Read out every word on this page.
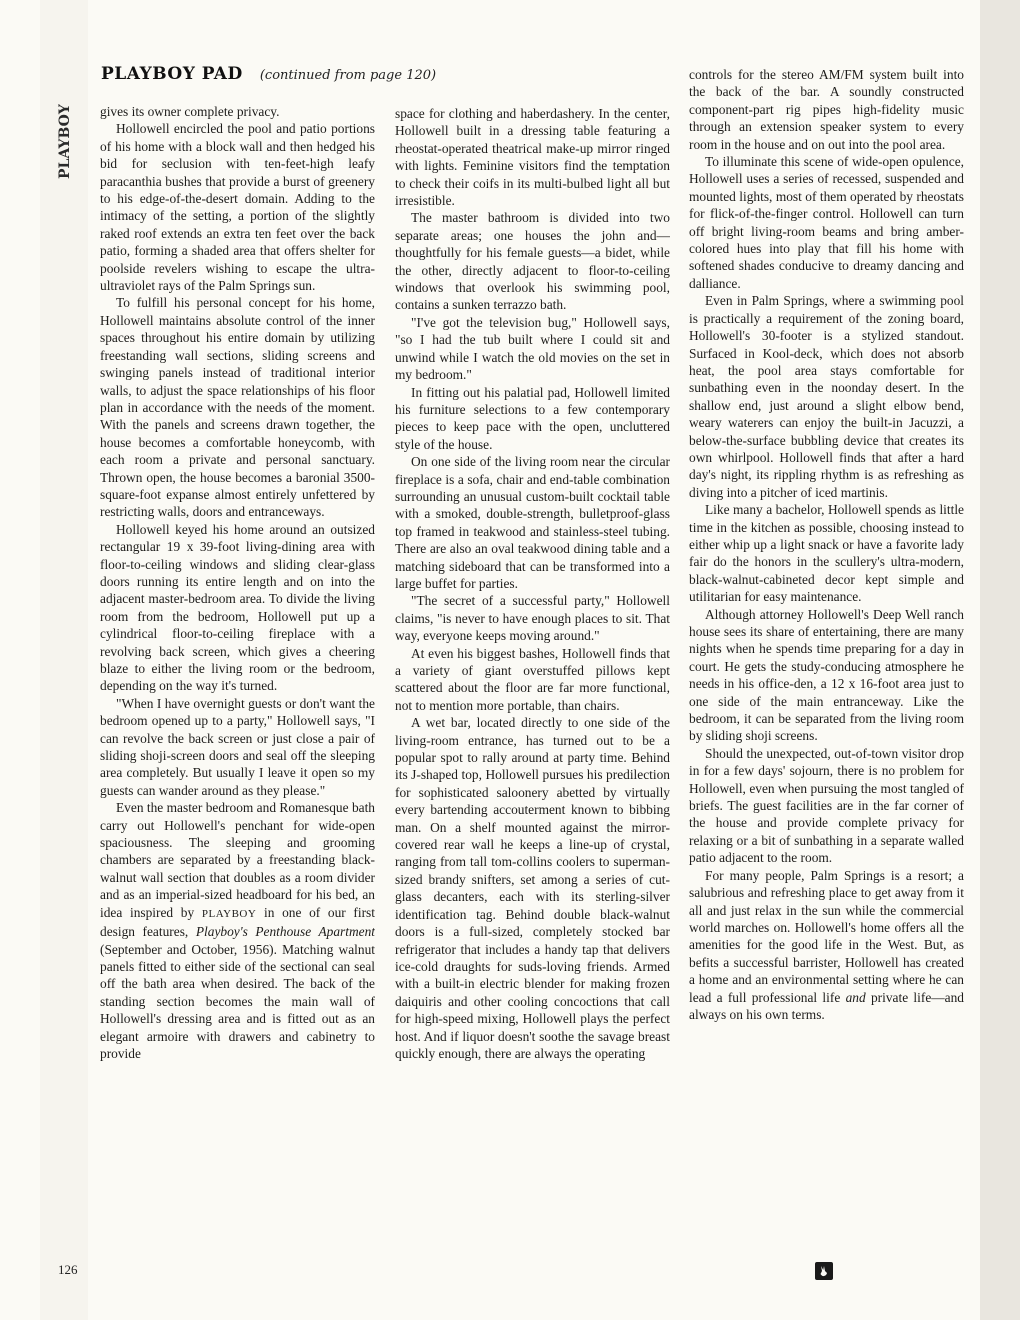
PLAYBOY
PLAYBOY PAD (continued from page 120)

gives its owner complete privacy.

Hollowell encircled the pool and patio portions of his home with a block wall and then hedged his bid for seclusion with ten-feet-high leafy paracanthia bushes that provide a burst of greenery to his edge-of-the-desert domain. Adding to the intimacy of the setting, a portion of the slightly raked roof extends an extra ten feet over the back patio, forming a shaded area that offers shelter for poolside revelers wishing to escape the ultra-ultraviolet rays of the Palm Springs sun.

To fulfill his personal concept for his home, Hollowell maintains absolute control of the inner spaces throughout his entire domain by utilizing freestanding wall sections, sliding screens and swinging panels instead of traditional interior walls, to adjust the space relationships of his floor plan in accordance with the needs of the moment. With the panels and screens drawn together, the house becomes a comfortable honeycomb, with each room a private and personal sanctuary. Thrown open, the house becomes a baronial 3500-square-foot expanse almost entirely unfettered by restricting walls, doors and entranceways.

Hollowell keyed his home around an outsized rectangular 19 x 39-foot living-dining area with floor-to-ceiling windows and sliding clear-glass doors running its entire length and on into the adjacent master-bedroom area. To divide the living room from the bedroom, Hollowell put up a cylindrical floor-to-ceiling fireplace with a revolving back screen, which gives a cheering blaze to either the living room or the bedroom, depending on the way it's turned.

"When I have overnight guests or don't want the bedroom opened up to a party," Hollowell says, "I can revolve the back screen or just close a pair of sliding shoji-screen doors and seal off the sleeping area completely. But usually I leave it open so my guests can wander around as they please."

Even the master bedroom and Romanesque bath carry out Hollowell's penchant for wide-open spaciousness. The sleeping and grooming chambers are separated by a freestanding black-walnut wall section that doubles as a room divider and as an imperial-sized headboard for his bed, an idea inspired by PLAYBOY in one of our first design features, Playboy's Penthouse Apartment (September and October, 1956). Matching walnut panels fitted to either side of the sectional can seal off the bath area when desired. The back of the standing section becomes the main wall of Hollowell's dressing area and is fitted out as an elegant armoire with drawers and cabinetry to provide

space for clothing and haberdashery. In the center, Hollowell built in a dressing table featuring a rheostat-operated theatrical make-up mirror ringed with lights. Feminine visitors find the temptation to check their coifs in its multi-bulbed light all but irresistible.

The master bathroom is divided into two separate areas; one houses the john and—thoughtfully for his female guests—a bidet, while the other, directly adjacent to floor-to-ceiling windows that overlook his swimming pool, contains a sunken terrazzo bath.

"I've got the television bug," Hollowell says, "so I had the tub built where I could sit and unwind while I watch the old movies on the set in my bedroom."

In fitting out his palatial pad, Hollowell limited his furniture selections to a few contemporary pieces to keep pace with the open, uncluttered style of the house.

On one side of the living room near the circular fireplace is a sofa, chair and end-table combination surrounding an unusual custom-built cocktail table with a smoked, double-strength, bulletproof-glass top framed in teakwood and stainless-steel tubing. There are also an oval teakwood dining table and a matching sideboard that can be transformed into a large buffet for parties.

"The secret of a successful party," Hollowell claims, "is never to have enough places to sit. That way, everyone keeps moving around."

At even his biggest bashes, Hollowell finds that a variety of giant overstuffed pillows kept scattered about the floor are far more functional, not to mention more portable, than chairs.

A wet bar, located directly to one side of the living-room entrance, has turned out to be a popular spot to rally around at party time. Behind its J-shaped top, Hollowell pursues his predilection for sophisticated saloonery abetted by virtually every bartending accouterment known to bibbing man. On a shelf mounted against the mirror-covered rear wall he keeps a line-up of crystal, ranging from tall tom-collins coolers to superman-sized brandy snifters, set among a series of cut-glass decanters, each with its sterling-silver identification tag. Behind double black-walnut doors is a full-sized, completely stocked bar refrigerator that includes a handy tap that delivers ice-cold draughts for suds-loving friends. Armed with a built-in electric blender for making frozen daiquiris and other cooling concoctions that call for high-speed mixing, Hollowell plays the perfect host. And if liquor doesn't soothe the savage breast quickly enough, there are always the operating

controls for the stereo AM/FM system built into the back of the bar. A soundly constructed component-part rig pipes high-fidelity music through an extension speaker system to every room in the house and on out into the pool area.

To illuminate this scene of wide-open opulence, Hollowell uses a series of recessed, suspended and mounted lights, most of them operated by rheostats for flick-of-the-finger control. Hollowell can turn off bright living-room beams and bring amber-colored hues into play that fill his home with softened shades conducive to dreamy dancing and dalliance.

Even in Palm Springs, where a swimming pool is practically a requirement of the zoning board, Hollowell's 30-footer is a stylized standout. Surfaced in Kool-deck, which does not absorb heat, the pool area stays comfortable for sunbathing even in the noonday desert. In the shallow end, just around a slight elbow bend, weary waterers can enjoy the built-in Jacuzzi, a below-the-surface bubbling device that creates its own whirlpool. Hollowell finds that after a hard day's night, its rippling rhythm is as refreshing as diving into a pitcher of iced martinis.

Like many a bachelor, Hollowell spends as little time in the kitchen as possible, choosing instead to either whip up a light snack or have a favorite lady fair do the honors in the scullery's ultra-modern, black-walnut-cabineted decor kept simple and utilitarian for easy maintenance.

Although attorney Hollowell's Deep Well ranch house sees its share of entertaining, there are many nights when he spends time preparing for a day in court. He gets the study-conducing atmosphere he needs in his office-den, a 12 x 16-foot area just to one side of the main entranceway. Like the bedroom, it can be separated from the living room by sliding shoji screens.

Should the unexpected, out-of-town visitor drop in for a few days' sojourn, there is no problem for Hollowell, even when pursuing the most tangled of briefs. The guest facilities are in the far corner of the house and provide complete privacy for relaxing or a bit of sunbathing in a separate walled patio adjacent to the room.

For many people, Palm Springs is a resort; a salubrious and refreshing place to get away from it all and just relax in the sun while the commercial world marches on. Hollowell's home offers all the amenities for the good life in the West. But, as befits a successful barrister, Hollowell has created a home and an environmental setting where he can lead a full professional life and private life—and always on his own terms.

126
